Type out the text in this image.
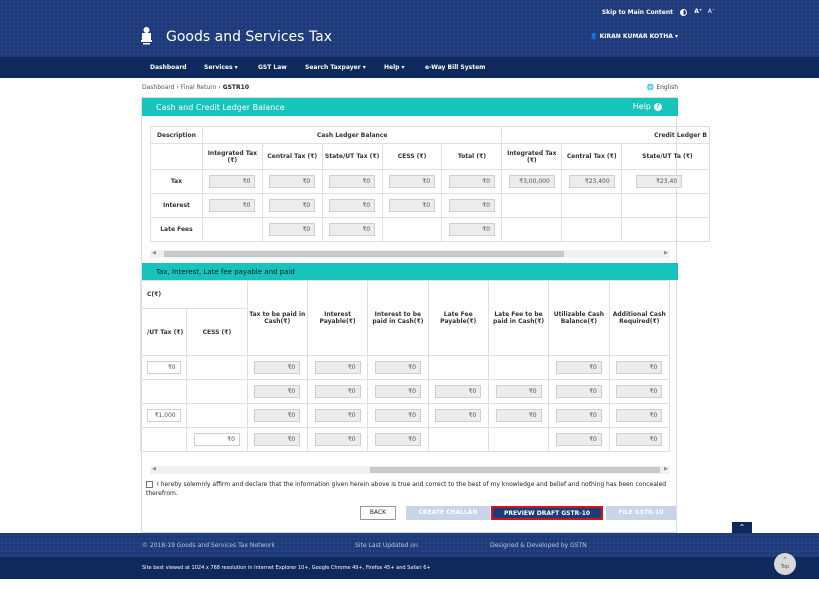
Skip to Main Content	A⁺ A⁻
Goods and Services Tax	👤 KIRAN KUMAR KOTHA ▾
Dashboard	Services ▾	GST Law	Search Taxpayer ▾	Help ▾	e-Way Bill System
Dashboard › Final Return › GSTR10	🌐 English
Cash and Credit Ledger Balance	Help ?
Description	Cash Ledger Balance					Credit Ledger B		
	Integrated Tax (₹)	Central Tax (₹)	State/UT Tax (₹)	CESS (₹)	Total (₹)	Integrated Tax (₹)	Central Tax (₹)	State/UT Ta (₹)
Tax	₹0	₹0	₹0	₹0	₹0	₹3,00,000	₹23,400	₹23,40
Interest	₹0	₹0	₹0	₹0	₹0			
Late Fees		₹0	₹0		₹0			
◀	▶
Tax, Interest, Late fee payable and paid
C(₹)		Tax to be paid in Cash(₹)	Interest Payable(₹)	Interest to be paid in Cash(₹)	Late Fee Payable(₹)	Late Fee to be paid in Cash(₹)	Utilizable Cash Balance(₹)	Additional Cash Required(₹)
/UT Tax (₹)	CESS (₹)							
₹0		₹0	₹0	₹0			₹0	₹0
		₹0	₹0	₹0	₹0	₹0	₹0	₹0
₹1,000		₹0	₹0	₹0	₹0	₹0	₹0	₹0
	₹0	₹0	₹0	₹0			₹0	₹0
◀	▶
I hereby solemnly affirm and declare that the information given herein above is true and correct to the best of my knowledge and belief and nothing has been concealed therefrom.
BACK	CREATE CHALLAN	PREVIEW DRAFT GSTR-10	FILE GSTR-10
⌃
© 2018-19 Goods and Services Tax Network	Site Last Updated on	Designed & Developed by GSTN
Site best viewed at 1024 x 768 resolution in Internet Explorer 10+, Google Chrome 49+, Firefox 45+ and Safari 6+
⌃
Top
